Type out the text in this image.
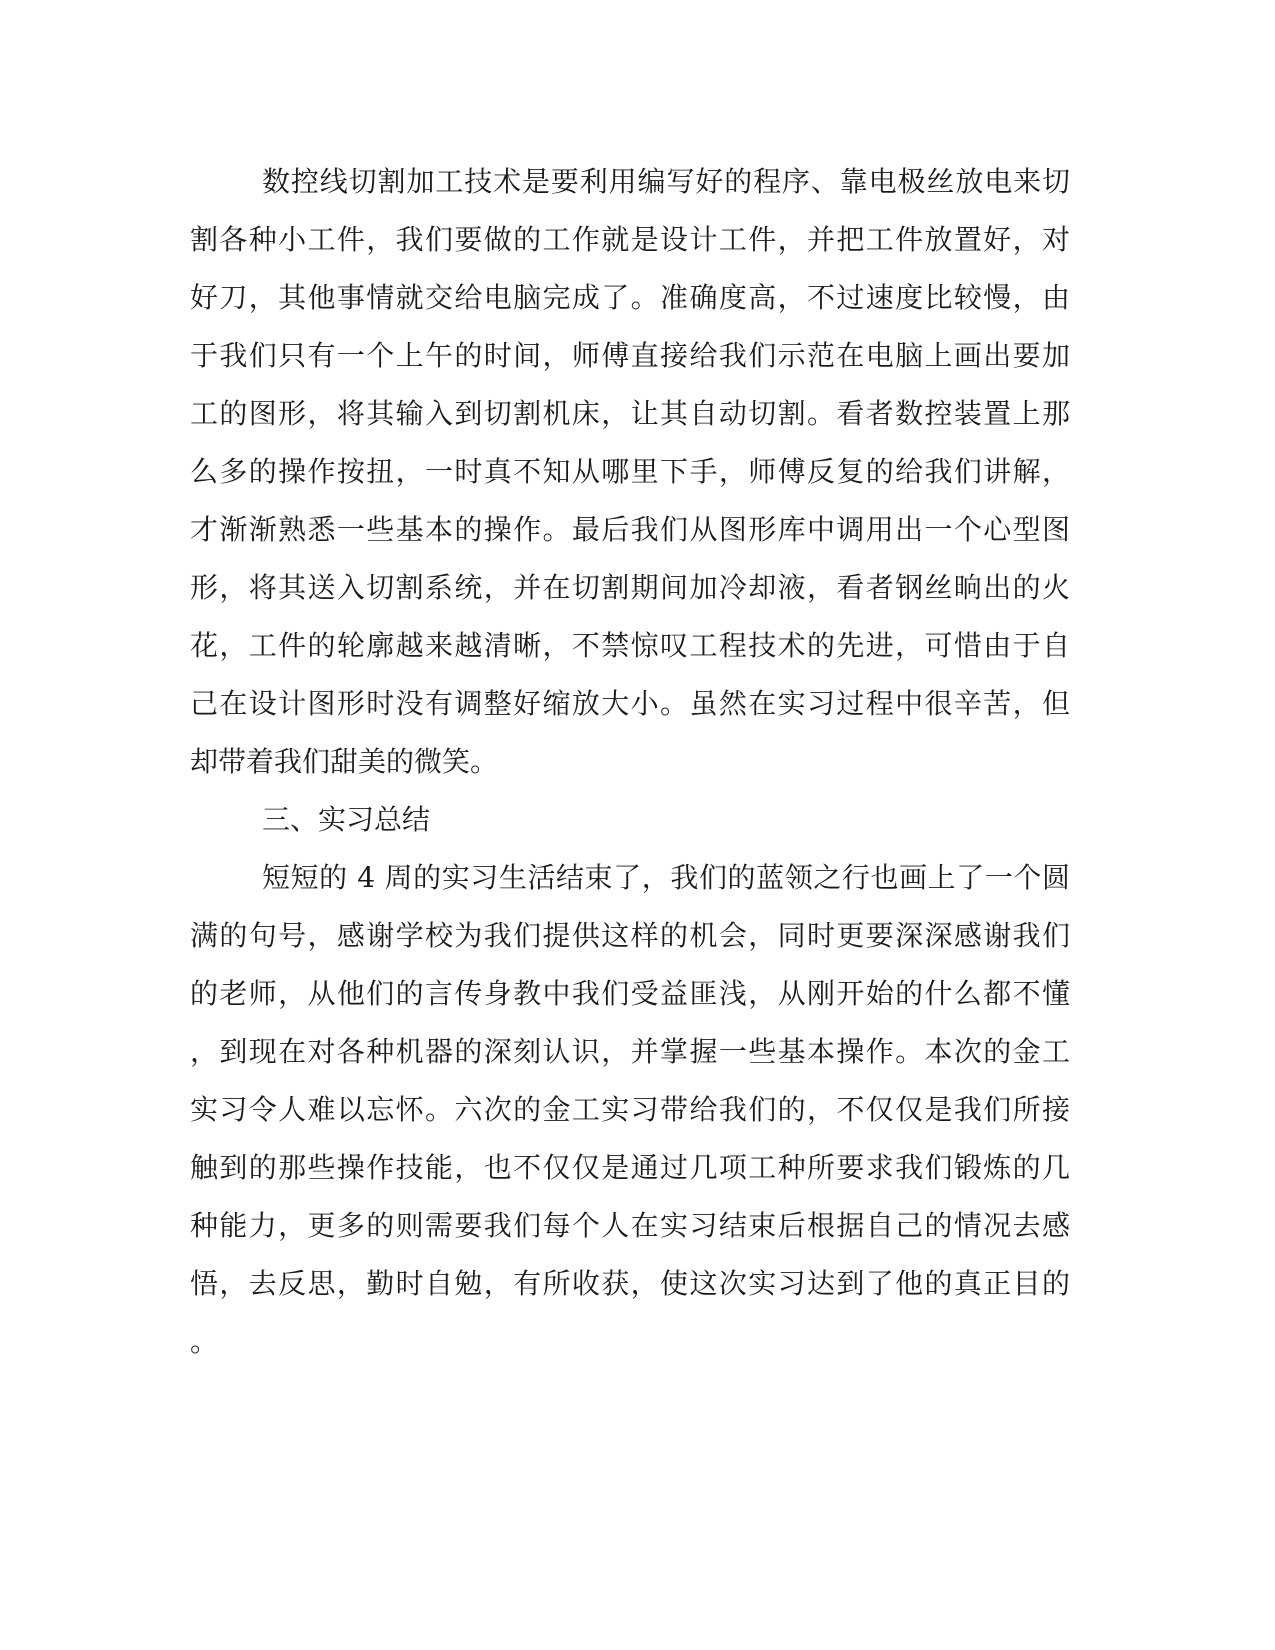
数控线切割加工技术是要利用编写好的程序、靠电极丝放电来切
割各种小工件，我们要做的工作就是设计工件，并把工件放置好，对
好刀，其他事情就交给电脑完成了。准确度高，不过速度比较慢，由
于我们只有一个上午的时间，师傅直接给我们示范在电脑上画出要加
工的图形，将其输入到切割机床，让其自动切割。看者数控装置上那
么多的操作按扭，一时真不知从哪里下手，师傅反复的给我们讲解，
才渐渐熟悉一些基本的操作。最后我们从图形库中调用出一个心型图
形，将其送入切割系统，并在切割期间加冷却液，看者钢丝晌出的火
花，工件的轮廓越来越清晰，不禁惊叹工程技术的先进，可惜由于自
己在设计图形时没有调整好缩放大小。虽然在实习过程中很辛苦，但
却带着我们甜美的微笑。
三、实习总结
短短的 4 周的实习生活结束了，我们的蓝领之行也画上了一个圆
满的句号，感谢学校为我们提供这样的机会，同时更要深深感谢我们
的老师，从他们的言传身教中我们受益匪浅，从刚开始的什么都不懂
，到现在对各种机器的深刻认识，并掌握一些基本操作。本次的金工
实习令人难以忘怀。六次的金工实习带给我们的，不仅仅是我们所接
触到的那些操作技能，也不仅仅是通过几项工种所要求我们锻炼的几
种能力，更多的则需要我们每个人在实习结束后根据自己的情况去感
悟，去反思，勤时自勉，有所收获，使这次实习达到了他的真正目的
。
